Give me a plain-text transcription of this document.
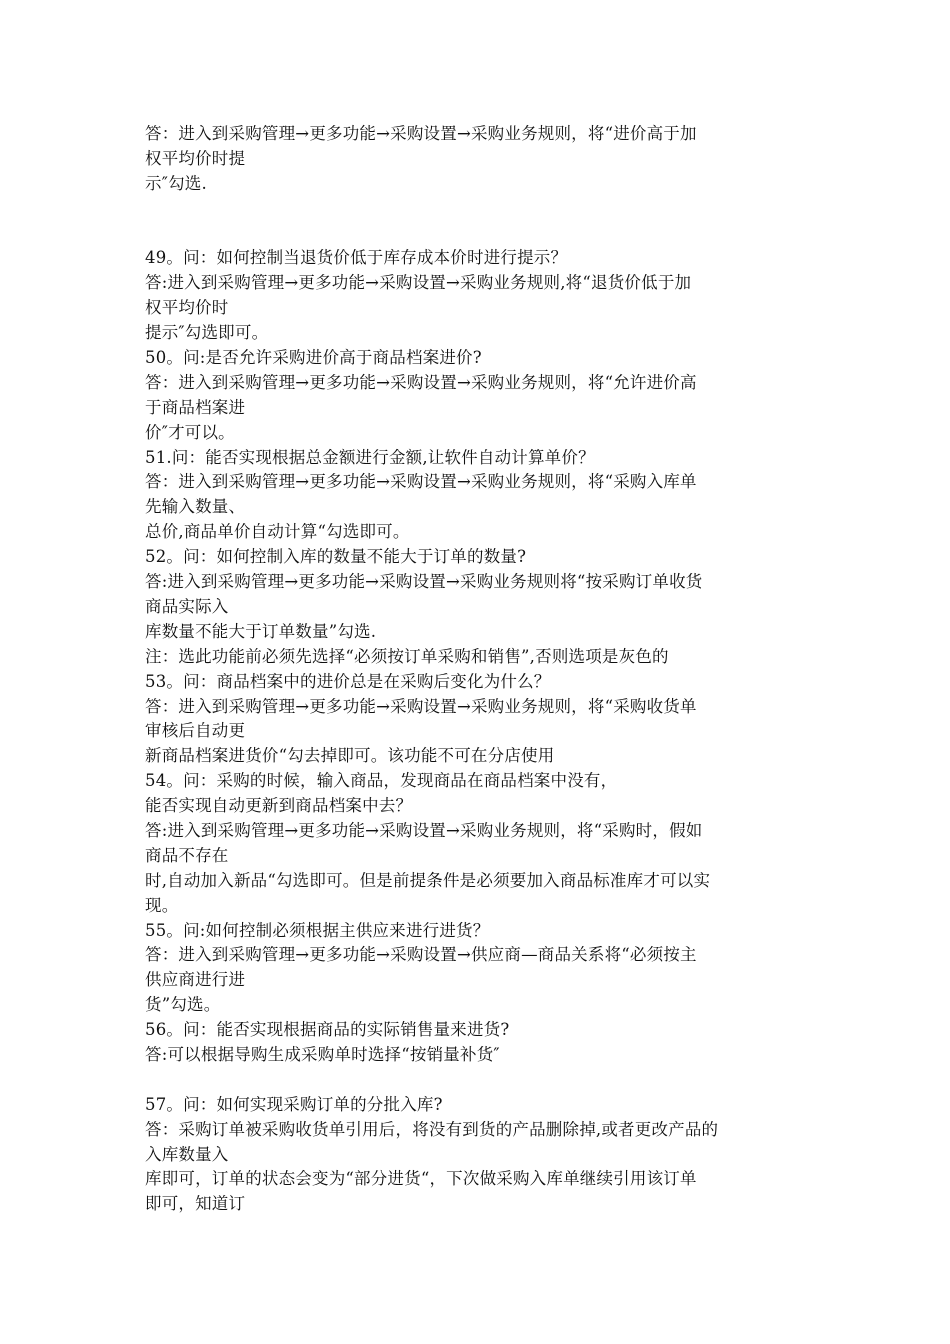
答：进入到采购管理→更多功能→采购设置→采购业务规则，将“进价高于加
权平均价时提
示″勾选.
49。问：如何控制当退货价低于库存成本价时进行提示？
答:进入到采购管理→更多功能→采购设置→采购业务规则,将“退货价低于加
权平均价时
提示″勾选即可。
50。问:是否允许采购进价高于商品档案进价?
答：进入到采购管理→更多功能→采购设置→采购业务规则，将“允许进价高
于商品档案进
价″才可以。
51.问：能否实现根据总金额进行金额,让软件自动计算单价？
答：进入到采购管理→更多功能→采购设置→采购业务规则，将“采购入库单
先输入数量、
总价,商品单价自动计算“勾选即可。
52。问：如何控制入库的数量不能大于订单的数量?
答:进入到采购管理→更多功能→采购设置→采购业务规则将“按采购订单收货
商品实际入
库数量不能大于订单数量”勾选.
注：选此功能前必须先选择“必须按订单采购和销售”,否则选项是灰色的
53。问：商品档案中的进价总是在采购后变化为什么？
答：进入到采购管理→更多功能→采购设置→采购业务规则，将“采购收货单
审核后自动更
新商品档案进货价“勾去掉即可。该功能不可在分店使用
54。问：采购的时候，输入商品，发现商品在商品档案中没有，
能否实现自动更新到商品档案中去？
答:进入到采购管理→更多功能→采购设置→采购业务规则，将“采购时，假如
商品不存在
时,自动加入新品“勾选即可。但是前提条件是必须要加入商品标准库才可以实
现。
55。问:如何控制必须根据主供应来进行进货？
答：进入到采购管理→更多功能→采购设置→供应商—商品关系将“必须按主
供应商进行进
货”勾选。
56。问：能否实现根据商品的实际销售量来进货?
答:可以根据导购生成采购单时选择“按销量补货″
57。问：如何实现采购订单的分批入库?
答：采购订单被采购收货单引用后，将没有到货的产品删除掉,或者更改产品的
入库数量入
库即可，订单的状态会变为“部分进货“，下次做采购入库单继续引用该订单
即可，知道订
